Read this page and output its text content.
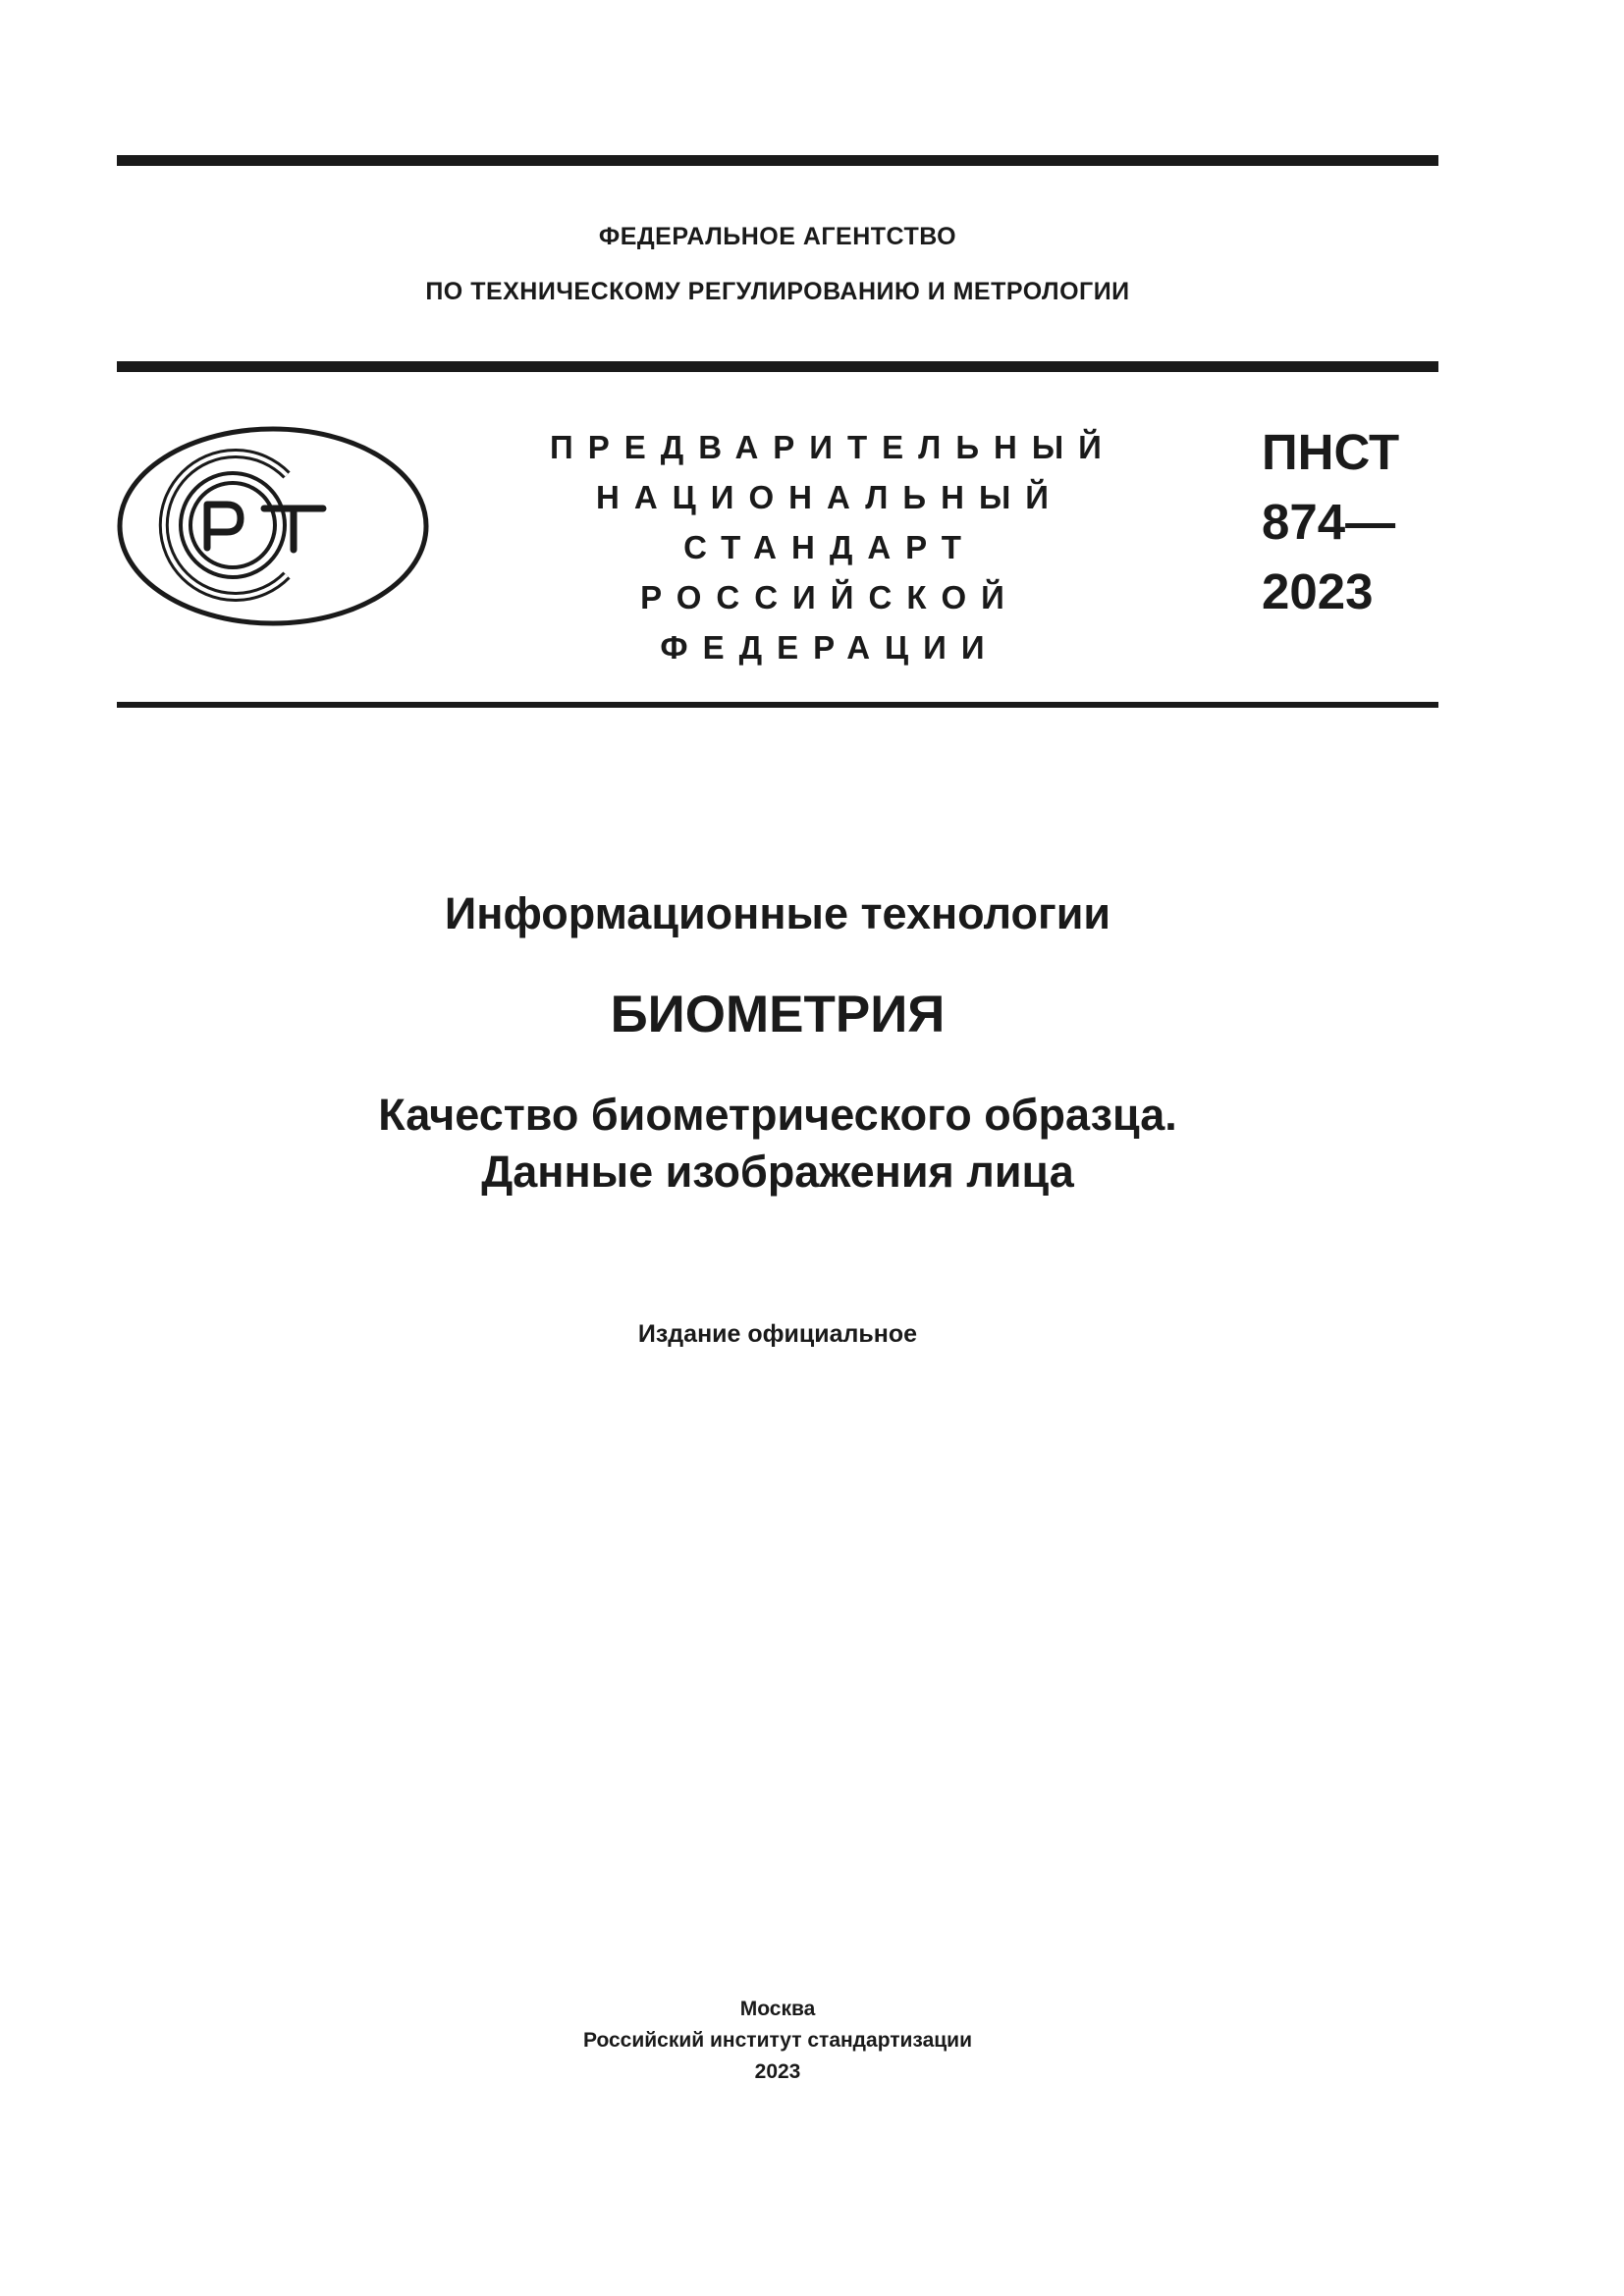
ФЕДЕРАЛЬНОЕ АГЕНТСТВО
ПО ТЕХНИЧЕСКОМУ РЕГУЛИРОВАНИЮ И МЕТРОЛОГИИ
ПРЕДВАРИТЕЛЬНЫЙ
НАЦИОНАЛЬНЫЙ
СТАНДАРТ
РОССИЙСКОЙ
ФЕДЕРАЦИИ
ПНСТ
874—
2023
Информационные технологии
БИОМЕТРИЯ
Качество биометрического образца.
Данные изображения лица
Издание официальное
Москва
Российский институт стандартизации
2023
